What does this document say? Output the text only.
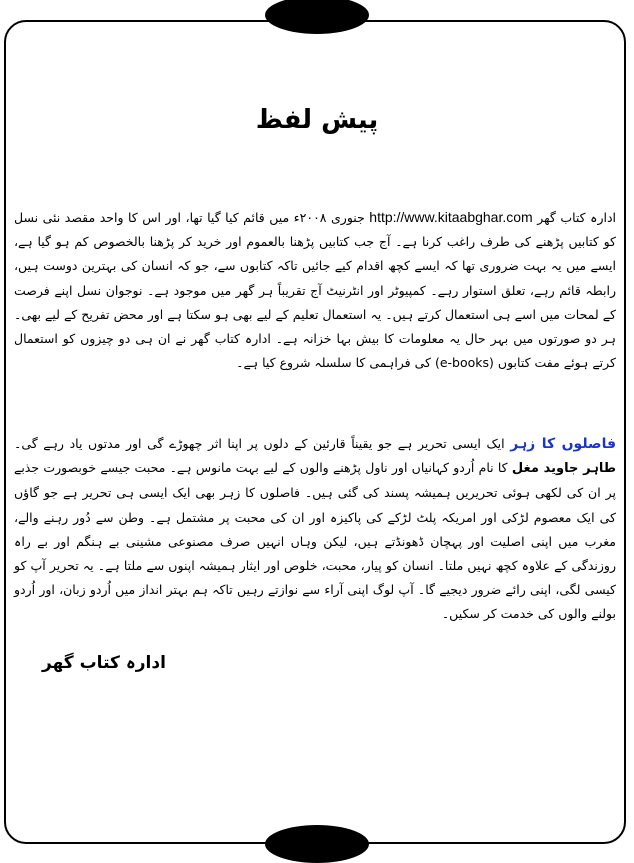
پیش لفظ

ادارہ کتاب گھر http://www.kitaabghar.com جنوری ۲۰۰۸ء میں قائم کیا گیا تھا، اور اس کا واحد مقصد نئی نسل کو کتابیں پڑھنے کی طرف راغب کرنا ہے۔ آج جب کتابیں پڑھنا بالعموم اور خرید کر پڑھنا بالخصوص کم ہو گیا ہے، ایسے میں یہ بہت ضروری تھا کہ ایسے کچھ اقدام کیے جائیں تاکہ کتابوں سے، جو کہ انسان کی بہترین دوست ہیں، رابطہ قائم رہے، تعلق استوار رہے۔ کمپیوٹر اور انٹرنیٹ آج تقریباً ہر گھر میں موجود ہے۔ نوجوان نسل اپنے فرصت کے لمحات میں اسے ہی استعمال کرتے ہیں۔ یہ استعمال تعلیم کے لیے بھی ہو سکتا ہے اور محض تفریح کے لیے بھی۔ ہر دو صورتوں میں بہر حال یہ معلومات کا بیش بہا خزانہ ہے۔ ادارہ کتاب گھر نے ان ہی دو چیزوں کو استعمال کرتے ہوئے مفت کتابوں (e-books) کی فراہمی کا سلسلہ شروع کیا ہے۔

فاصلوں کا زہر ایک ایسی تحریر ہے جو یقیناً قارئین کے دلوں پر اپنا اثر چھوڑے گی اور مدتوں یاد رہے گی۔ طاہر جاوید مغل کا نام اُردو کہانیاں اور ناول پڑھنے والوں کے لیے بہت مانوس ہے۔ محبت جیسے خوبصورت جذبے پر ان کی لکھی ہوئی تحریریں ہمیشہ پسند کی گئی ہیں۔ فاصلوں کا زہر بھی ایک ایسی ہی تحریر ہے جو گاؤں کی ایک معصوم لڑکی اور امریکہ پلٹ لڑکے کی پاکیزہ اور ان کی محبت پر مشتمل ہے۔ وطن سے دُور رہنے والے، مغرب میں اپنی اصلیت اور پہچان ڈھونڈتے ہیں، لیکن وہاں انہیں صرف مصنوعی مشینی بے ہنگم اور بے راہ روزندگی کے علاوہ کچھ نہیں ملتا۔ انسان کو پیار، محبت، خلوص اور ایثار ہمیشہ اپنوں سے ملتا ہے۔ یہ تحریر آپ کو کیسی لگی، اپنی رائے ضرور دیجیے گا۔ آپ لوگ اپنی آراء سے نوازتے رہیں تاکہ ہم بہتر انداز میں اُردو زبان، اور اُردو بولنے والوں کی خدمت کر سکیں۔

ادارہ کتاب گھر
